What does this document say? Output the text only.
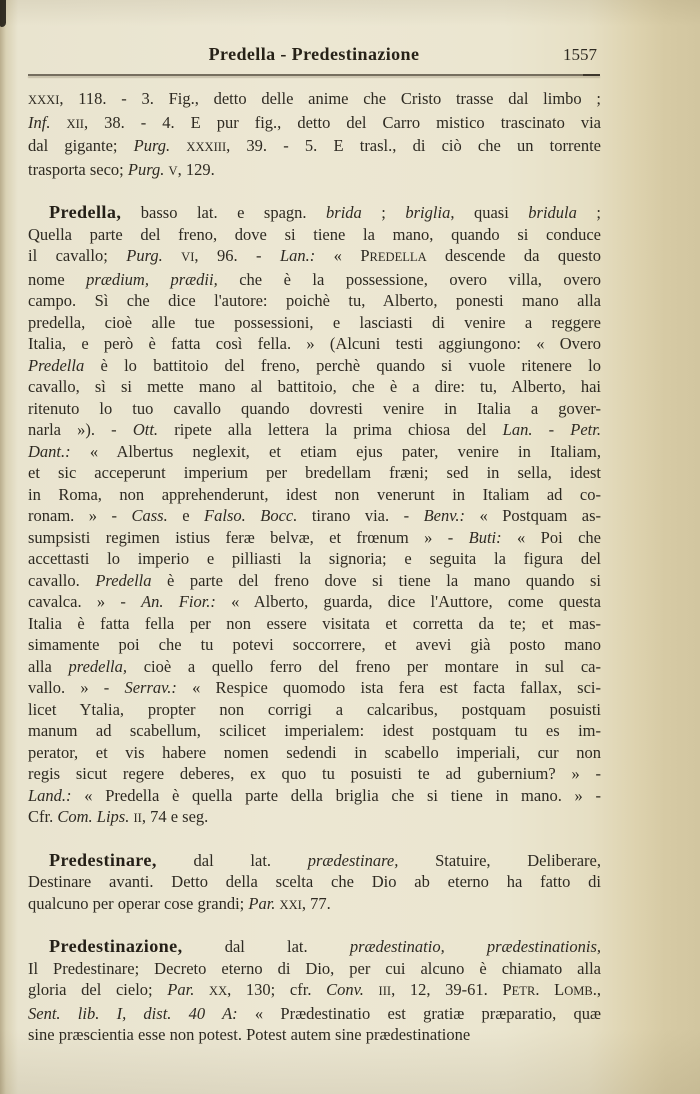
Predella - Predestinazione	1557
XXXI, 118. - 3. Fig., detto delle anime che Cristo trasse dal limbo ;
Inf. XII, 38. - 4. E pur fig., detto del Carro mistico trascinato via
dal gigante; Purg. XXXIII, 39. - 5. E trasl., di ciò che un torrente
trasporta seco; Purg. V, 129.
Predella, basso lat. e spagn. brida ; briglia, quasi bridula ;
Quella parte del freno, dove si tiene la mano, quando si conduce
il cavallo; Purg. VI, 96. - Lan.: « PREDELLA descende da questo
nome prædium, prædii, che è la possessione, overo villa, overo
campo. Sì che dice l'autore: poichè tu, Alberto, ponesti mano alla
predella, cioè alle tue possessioni, e lasciasti di venire a reggere
Italia, e però è fatta così fella. » (Alcuni testi aggiungono: « Overo
Predella è lo battitoio del freno, perchè quando si vuole ritenere lo
cavallo, sì si mette mano al battitoio, che è a dire: tu, Alberto, hai
ritenuto lo tuo cavallo quando dovresti venire in Italia a gover-
narla »). - Ott. ripete alla lettera la prima chiosa del Lan. - Petr.
Dant.: « Albertus neglexit, et etiam ejus pater, venire in Italiam,
et sic acceperunt imperium per bredellam fræni; sed in sella, idest
in Roma, non apprehenderunt, idest non venerunt in Italiam ad co-
ronam. » - Cass. e Falso. Bocc. tirano via. - Benv.: « Postquam as-
sumpsisti regimen istius feræ belvæ, et frœnum » - Buti: « Poi che
accettasti lo imperio e pilliasti la signoria; e seguita la figura del
cavallo. Predella è parte del freno dove si tiene la mano quando si
cavalca. » - An. Fior.: « Alberto, guarda, dice l'Auttore, come questa
Italia è fatta fella per non essere visitata et corretta da te; et mas-
simamente poi che tu potevi soccorrere, et avevi già posto mano
alla predella, cioè a quello ferro del freno per montare in sul ca-
vallo. » - Serrav.: « Respice quomodo ista fera est facta fallax, sci-
licet Ytalia, propter non corrigi a calcaribus, postquam posuisti
manum ad scabellum, scilicet imperialem: idest postquam tu es im-
perator, et vis habere nomen sedendi in scabello imperiali, cur non
regis sicut regere deberes, ex quo tu posuisti te ad gubernium? » -
Land.: « Predella è quella parte della briglia che si tiene in mano. » -
Cfr. Com. Lips. II, 74 e seg.
Predestinare, dal lat. prædestinare, Statuire, Deliberare,
Destinare avanti. Detto della scelta che Dio ab eterno ha fatto di
qualcuno per operar cose grandi; Par. XXI, 77.
Predestinazione, dal lat. prædestinatio, prædestinationis,
Il Predestinare; Decreto eterno di Dio, per cui alcuno è chiamato alla
gloria del cielo; Par. XX, 130; cfr. Conv. III, 12, 39-61. PETR. LOMB.,
Sent. lib. I, dist. 40 A: « Prædestinatio est gratiæ præparatio, quæ
sine præscientia esse non potest. Potest autem sine prædestinatione
